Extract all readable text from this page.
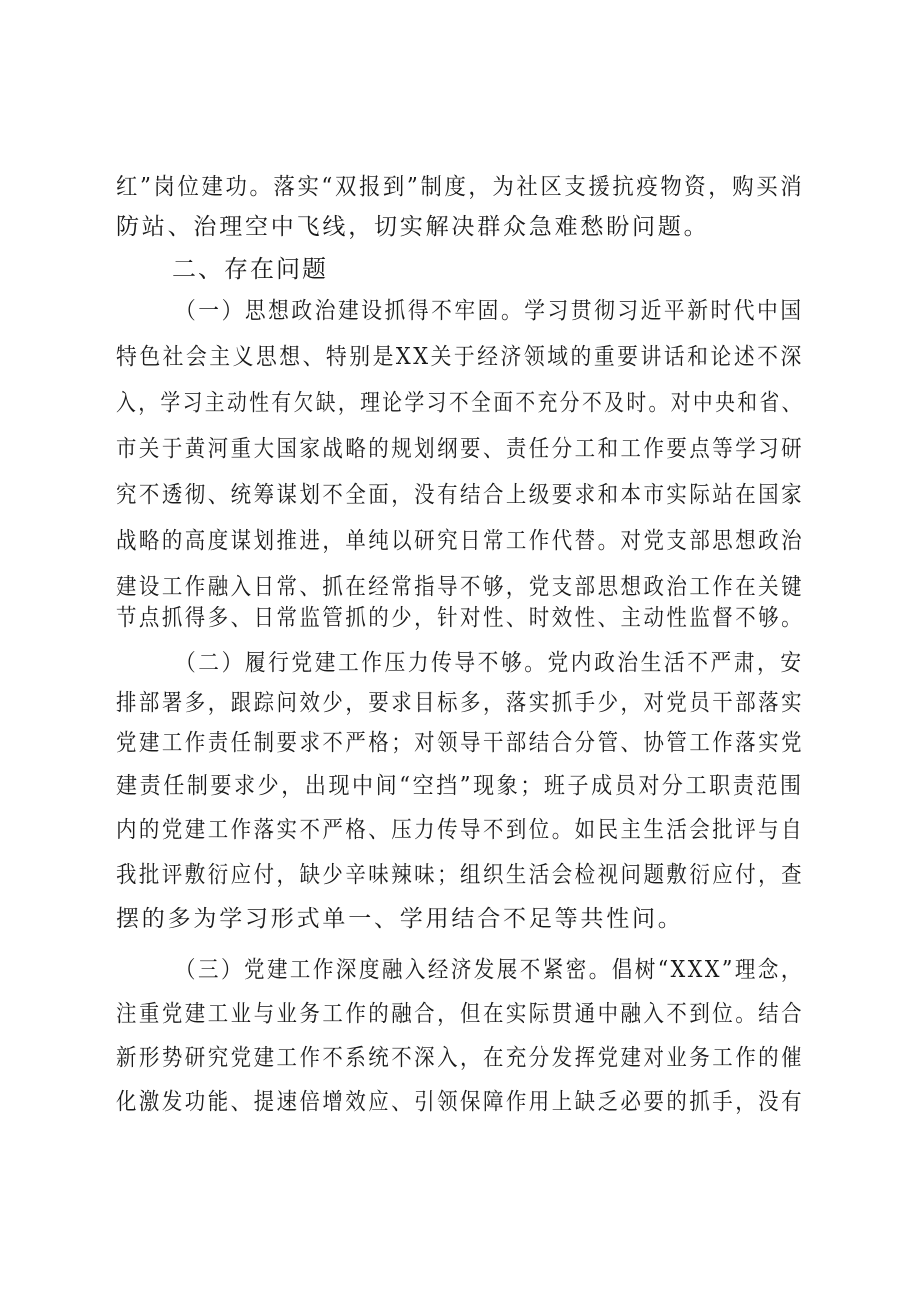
红”岗位建功。落实“双报到”制度，为社区支援抗疫物资，购买消
防站、治理空中飞线，切实解决群众急难愁盼问题。
二、存在问题
（一）思想政治建设抓得不牢固。学习贯彻习近平新时代中国
特色社会主义思想、特别是XX关于经济领域的重要讲话和论述不深
入，学习主动性有欠缺，理论学习不全面不充分不及时。对中央和省、
市关于黄河重大国家战略的规划纲要、责任分工和工作要点等学习研
究不透彻、统筹谋划不全面，没有结合上级要求和本市实际站在国家
战略的高度谋划推进，单纯以研究日常工作代替。对党支部思想政治
建设工作融入日常、抓在经常指导不够，党支部思想政治工作在关键
节点抓得多、日常监管抓的少，针对性、时效性、主动性监督不够。
（二）履行党建工作压力传导不够。党内政治生活不严肃，安
排部署多，跟踪问效少，要求目标多，落实抓手少，对党员干部落实
党建工作责任制要求不严格；对领导干部结合分管、协管工作落实党
建责任制要求少，出现中间“空挡”现象；班子成员对分工职责范围
内的党建工作落实不严格、压力传导不到位。如民主生活会批评与自
我批评敷衍应付，缺少辛味辣味；组织生活会检视问题敷衍应付，查
摆的多为学习形式单一、学用结合不足等共性问。
（三）党建工作深度融入经济发展不紧密。倡树“XXX”理念，
注重党建工业与业务工作的融合，但在实际贯通中融入不到位。结合
新形势研究党建工作不系统不深入，在充分发挥党建对业务工作的催
化激发功能、提速倍增效应、引领保障作用上缺乏必要的抓手，没有
